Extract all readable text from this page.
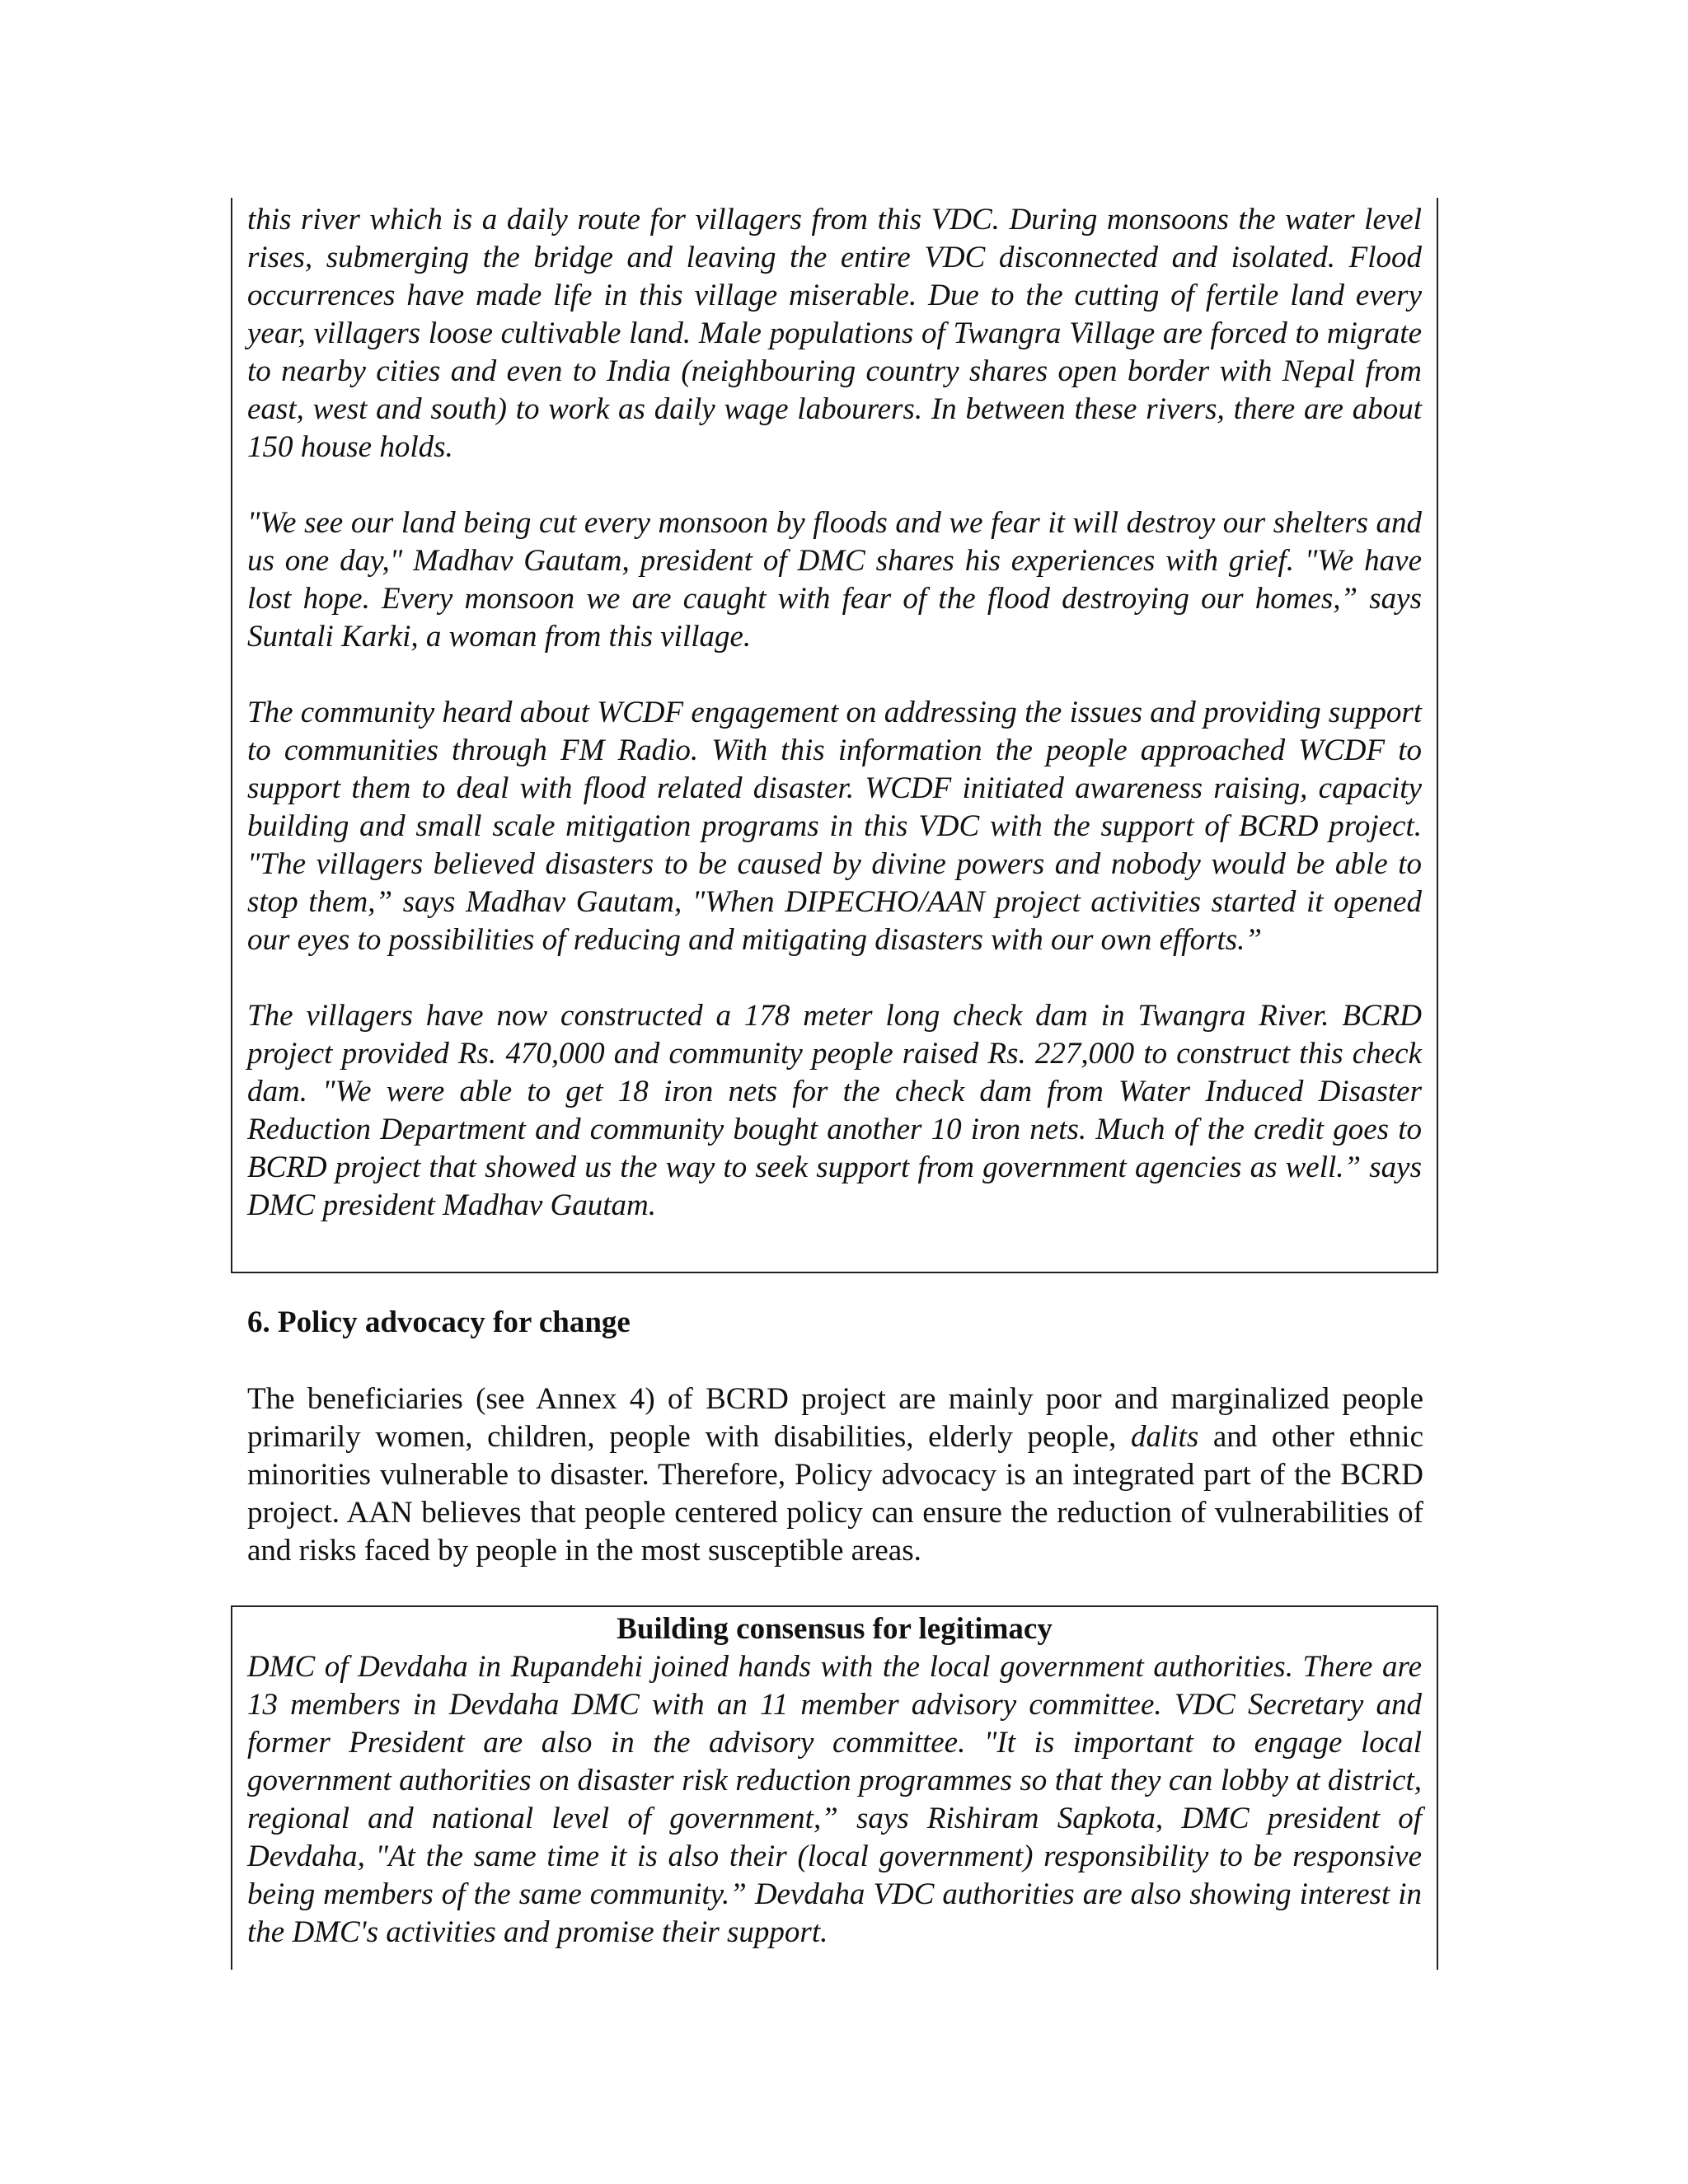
this river which is a daily route for villagers from this VDC. During monsoons the water level rises, submerging the bridge and leaving the entire VDC disconnected and isolated. Flood occurrences have made life in this village miserable. Due to the cutting of fertile land every year, villagers loose cultivable land. Male populations of Twangra Village are forced to migrate to nearby cities and even to India (neighbouring country shares open border with Nepal from east, west and south) to work as daily wage labourers. In between these rivers, there are about 150 house holds.

"We see our land being cut every monsoon by floods and we fear it will destroy our shelters and us one day," Madhav Gautam, president of DMC shares his experiences with grief. "We have lost hope. Every monsoon we are caught with fear of the flood destroying our homes,” says Suntali Karki, a woman from this village.

The community heard about WCDF engagement on addressing the issues and providing support to communities through FM Radio. With this information the people approached WCDF to support them to deal with flood related disaster. WCDF initiated awareness raising, capacity building and small scale mitigation programs in this VDC with the support of BCRD project. "The villagers believed disasters to be caused by divine powers and nobody would be able to stop them,” says Madhav Gautam, "When DIPECHO/AAN project activities started it opened our eyes to possibilities of reducing and mitigating disasters with our own efforts.”

The villagers have now constructed a 178 meter long check dam in Twangra River. BCRD project provided Rs. 470,000 and community people raised Rs. 227,000 to construct this check dam. "We were able to get 18 iron nets for the check dam from Water Induced Disaster Reduction Department and community bought another 10 iron nets. Much of the credit goes to BCRD project that showed us the way to seek support from government agencies as well.” says DMC president Madhav Gautam.

6. Policy advocacy for change

The beneficiaries (see Annex 4) of BCRD project are mainly poor and marginalized people primarily women, children, people with disabilities, elderly people, dalits and other ethnic minorities vulnerable to disaster. Therefore, Policy advocacy is an integrated part of the BCRD project. AAN believes that people centered policy can ensure the reduction of vulnerabilities of and risks faced by people in the most susceptible areas.

Building consensus for legitimacy

DMC of Devdaha in Rupandehi joined hands with the local government authorities. There are 13 members in Devdaha DMC with an 11 member advisory committee. VDC Secretary and former President are also in the advisory committee. "It is important to engage local government authorities on disaster risk reduction programmes so that they can lobby at district, regional and national level of government,” says Rishiram Sapkota, DMC president of Devdaha, "At the same time it is also their (local government) responsibility to be responsive being members of the same community.” Devdaha VDC authorities are also showing interest in the DMC's activities and promise their support.
